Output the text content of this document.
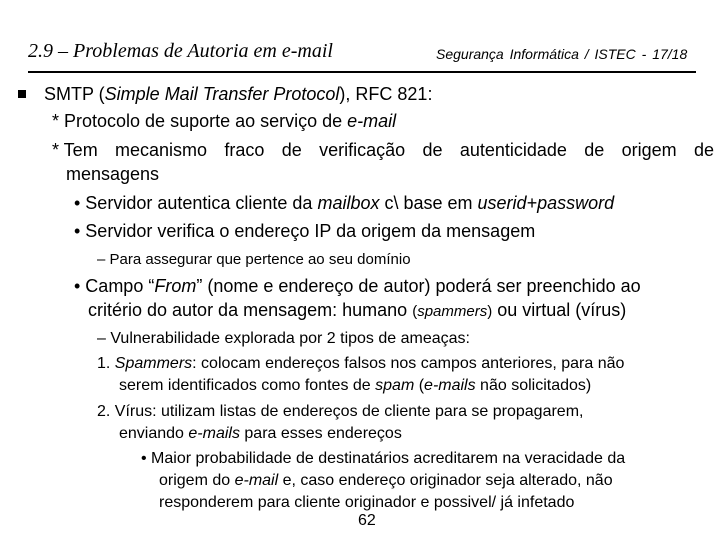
2.9 – Problemas de Autoria em e-mail	Segurança Informática / ISTEC - 17/18
SMTP (Simple Mail Transfer Protocol), RFC 821:
* Protocolo de suporte ao serviço de e-mail
* Tem mecanismo fraco de verificação de autenticidade de origem de
mensagens
• Servidor autentica cliente da mailbox c\ base em userid+password
• Servidor verifica o endereço IP da origem da mensagem
– Para assegurar que pertence ao seu domínio
• Campo “From” (nome e endereço de autor) poderá ser preenchido ao
critério do autor da mensagem: humano (spammers) ou virtual (vírus)
– Vulnerabilidade explorada por 2 tipos de ameaças:
1. Spammers: colocam endereços falsos nos campos anteriores, para não
serem identificados como fontes de spam (e-mails não solicitados)
2. Vírus: utilizam listas de endereços de cliente para se propagarem,
enviando e-mails para esses endereços
• Maior probabilidade de destinatários acreditarem na veracidade da
origem do e-mail e, caso endereço originador seja alterado, não
responderem para cliente originador e possivel/ já infetado
62
